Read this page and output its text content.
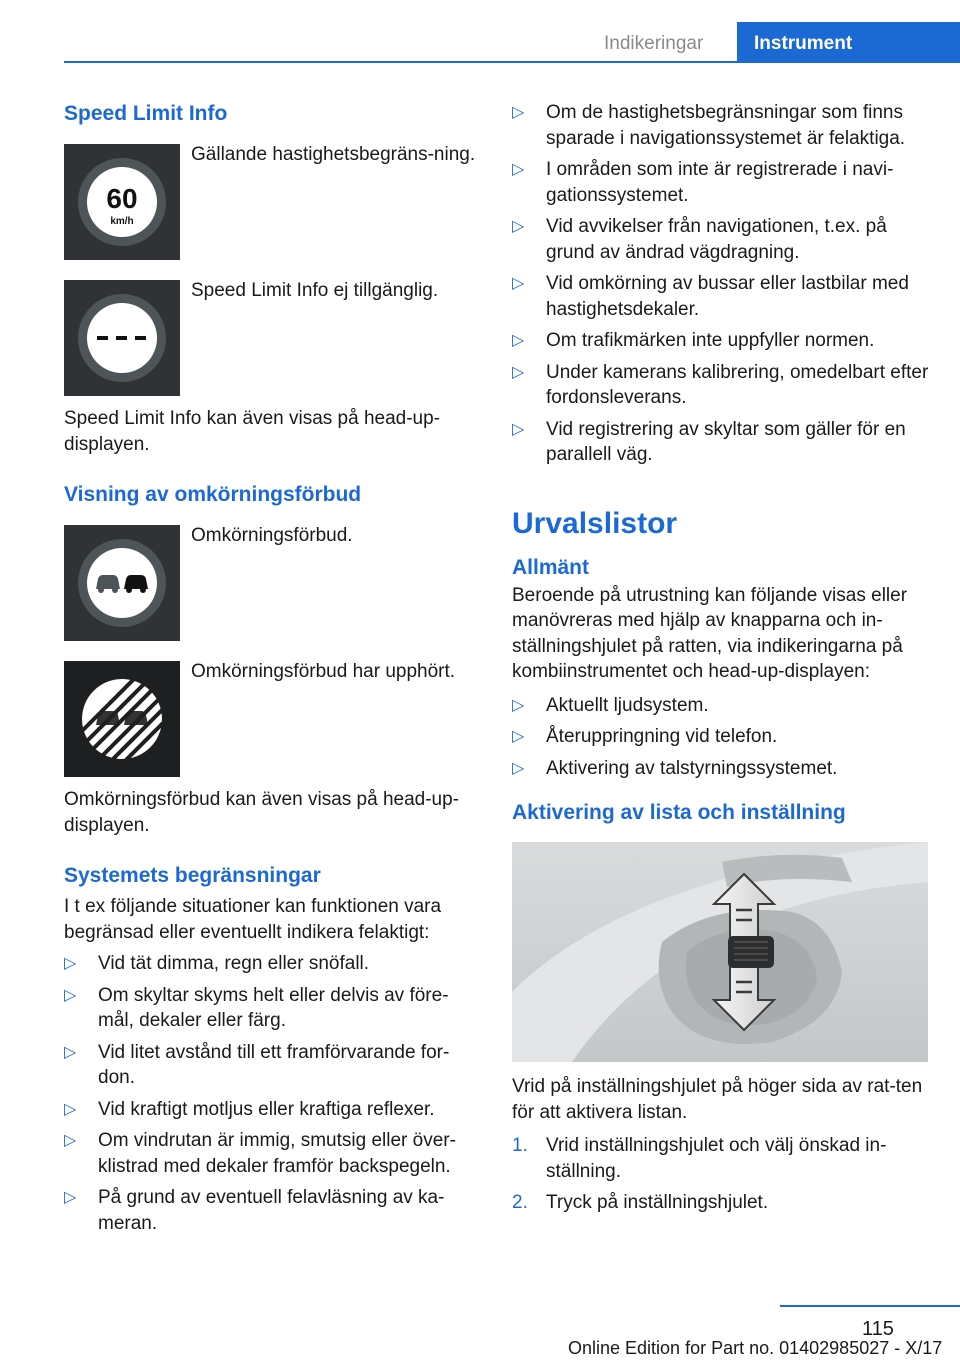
Indikeringar	Instrument
Speed Limit Info
60
km/h
Gällande hastighetsbegräns-ning.
Speed Limit Info ej tillgänglig.

Speed Limit Info kan även visas på head-up-displayen.

Visning av omkörningsförbud
Omkörningsförbud.
Omkörningsförbud har upphört.

Omkörningsförbud kan även visas på head-up-displayen.

Systemets begränsningar

I t ex följande situationer kan funktionen vara begränsad eller eventuellt indikera felaktigt:

▷ Vid tät dimma, regn eller snöfall.
▷ Om skyltar skyms helt eller delvis av före-mål, dekaler eller färg.
▷ Vid litet avstånd till ett framförvarande for-don.
▷ Vid kraftigt motljus eller kraftiga reflexer.
▷ Om vindrutan är immig, smutsig eller över-klistrad med dekaler framför backspegeln.
▷ På grund av eventuell felavläsning av ka-meran.
▷ Om de hastighetsbegränsningar som finns sparade i navigationssystemet är felaktiga.
▷ I områden som inte är registrerade i navi-gationssystemet.
▷ Vid avvikelser från navigationen, t.ex. på grund av ändrad vägdragning.
▷ Vid omkörning av bussar eller lastbilar med hastighetsdekaler.
▷ Om trafikmärken inte uppfyller normen.
▷ Under kamerans kalibrering, omedelbart efter fordonsleverans.
▷ Vid registrering av skyltar som gäller för en parallell väg.
Urvalslistor
Allmänt

Beroende på utrustning kan följande visas eller manövreras med hjälp av knapparna och in-ställningshjulet på ratten, via indikeringarna på kombiinstrumentet och head-up-displayen:

▷ Aktuellt ljudsystem.
▷ Återuppringning vid telefon.
▷ Aktivering av talstyrningssystemet.
Aktivering av lista och inställning

Vrid på inställningshjulet på höger sida av rat-ten för att aktivera listan.

1. Vrid inställningshjulet och välj önskad in-ställning.
2. Tryck på inställningshjulet.
115
Online Edition for Part no. 01402985027 - X/17
